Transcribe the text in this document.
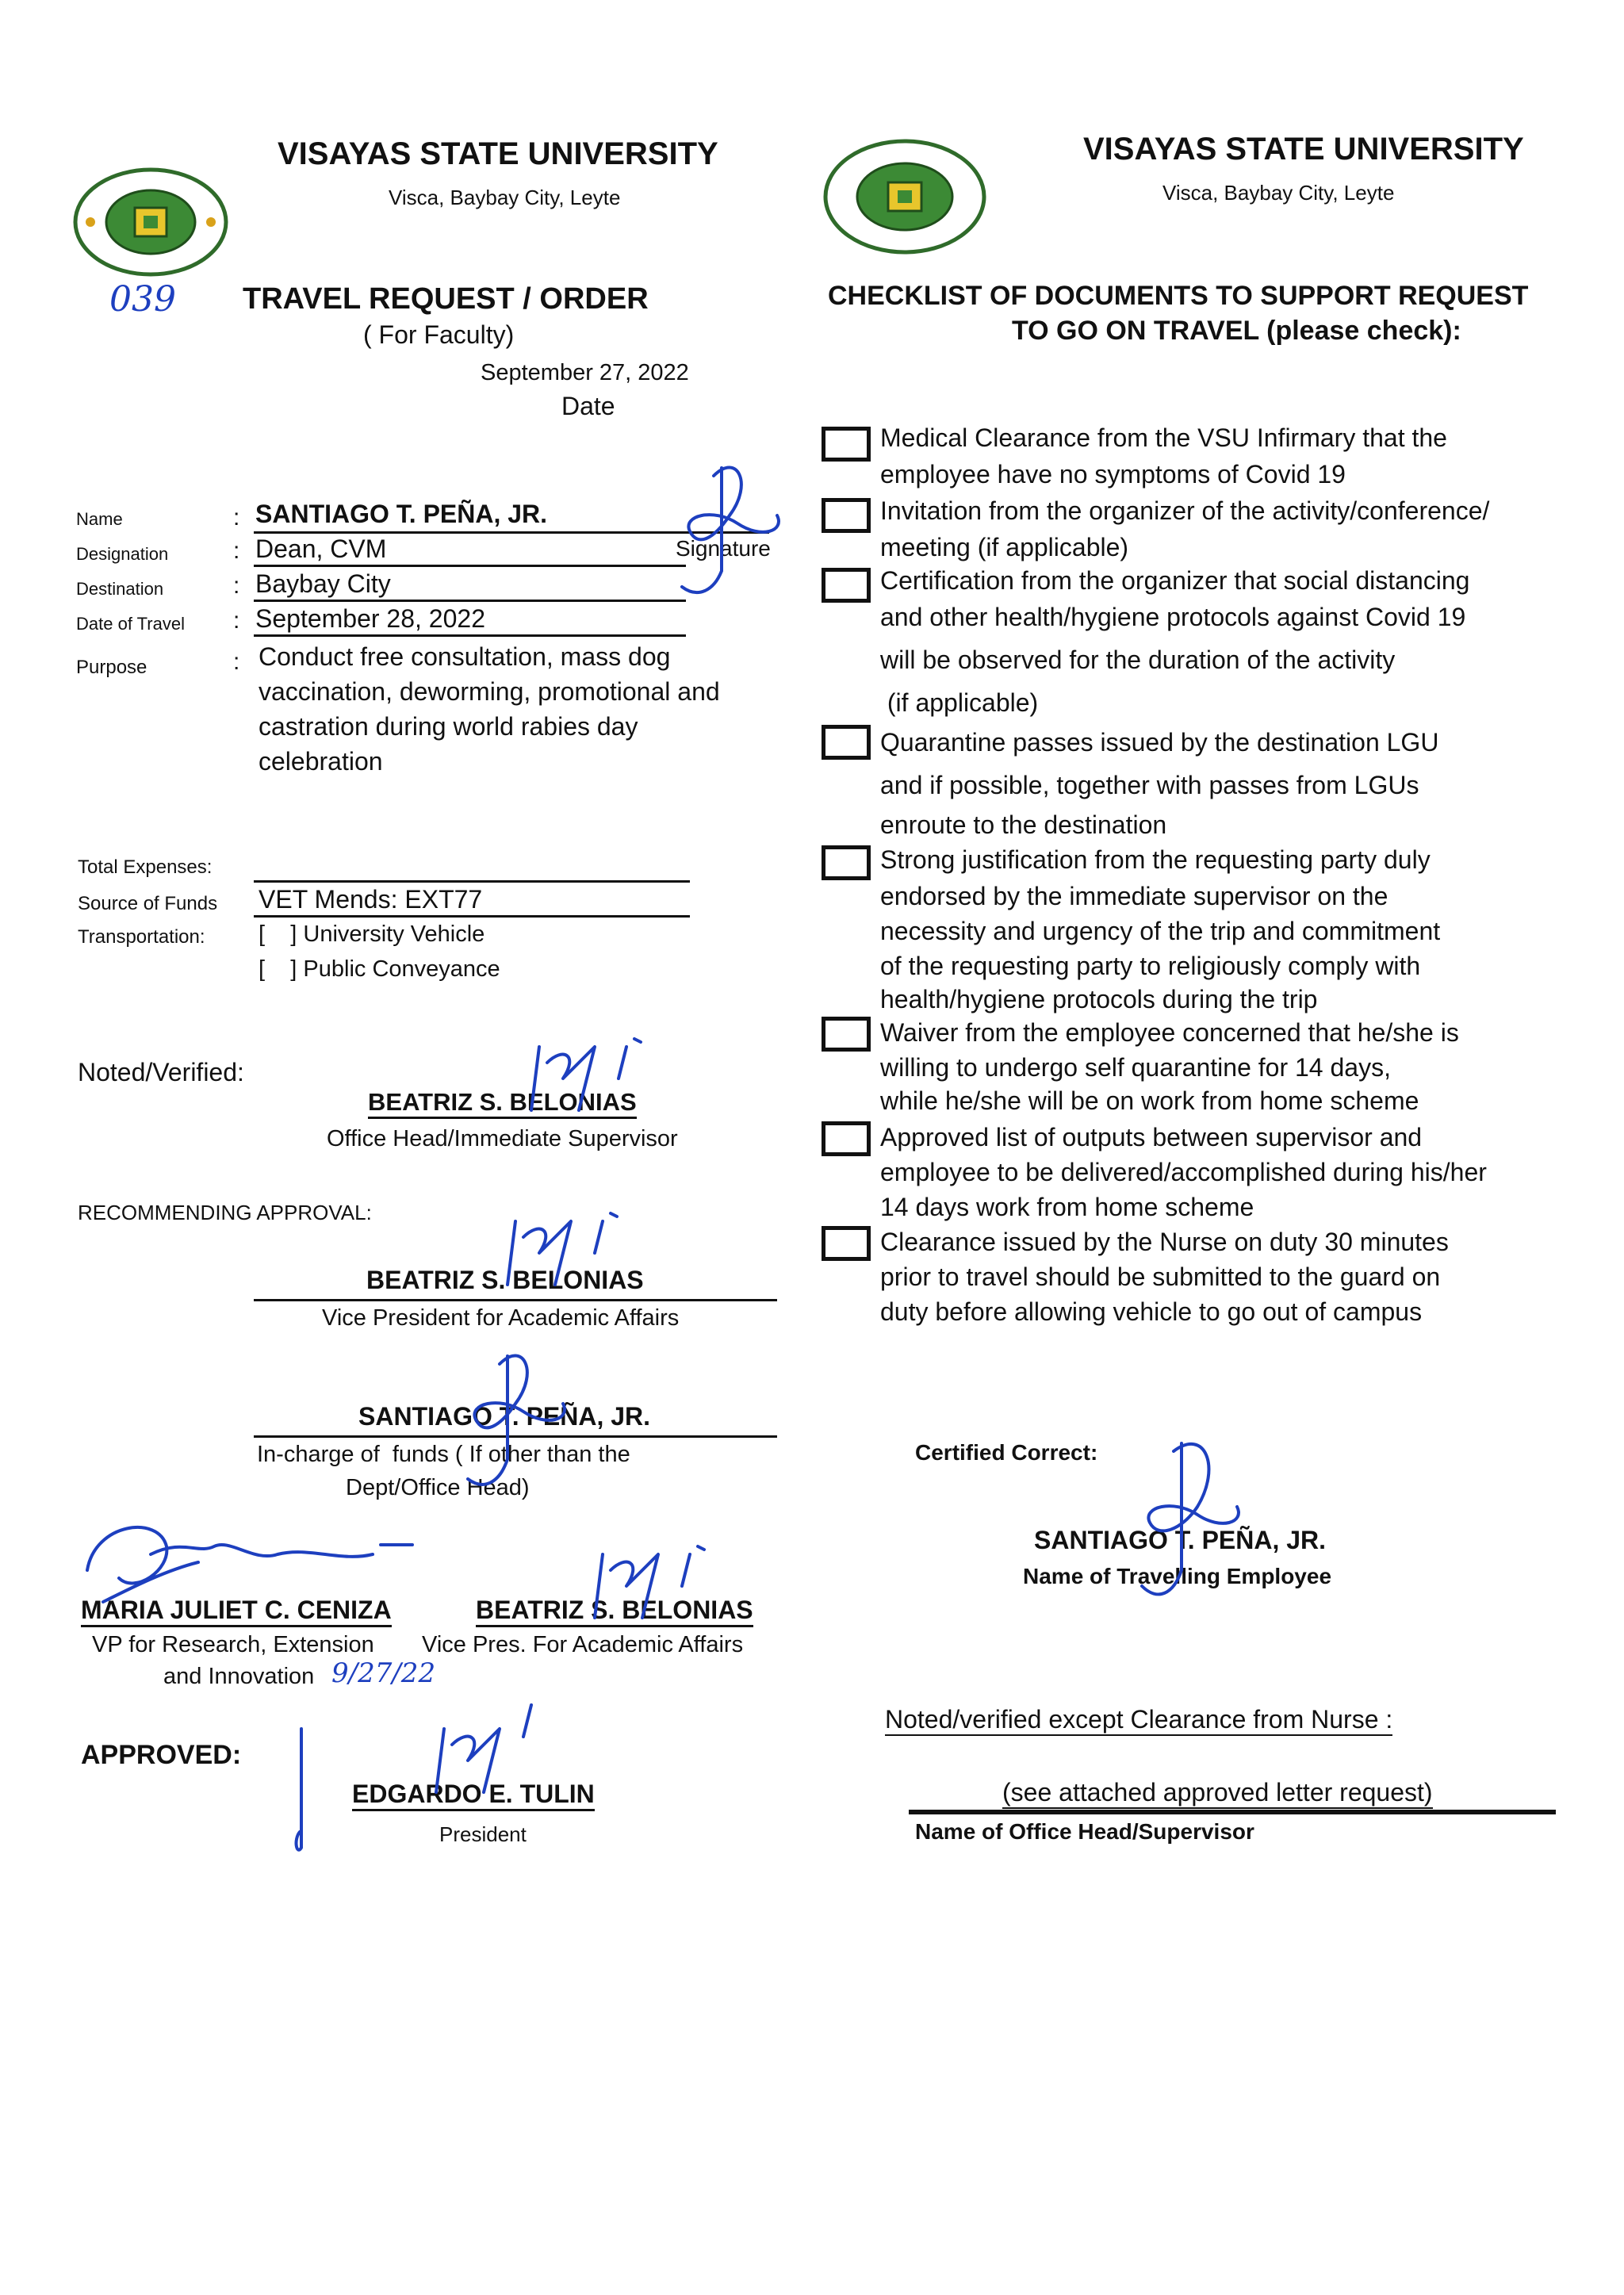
VISAYAS STATE UNIVERSITY
Visca, Baybay City, Leyte
039 TRAVEL REQUEST / ORDER
( For Faculty)
September 27, 2022
Date
Name	: SANTIAGO T. PEÑA, JR.
Designation	: Dean, CVM	Signature
Destination	: Baybay City
Date of Travel : September 28, 2022
Purpose	: Conduct free consultation, mass dog
vaccination, deworming, promotional and
castration during world rabies day
celebration
Total Expenses:
Source of Funds VET Mends: EXT77
Transportation: [    ] University Vehicle
[    ] Public Conveyance
Noted/Verified:
BEATRIZ S. BELONIAS
Office Head/Immediate Supervisor
RECOMMENDING APPROVAL:
BEATRIZ S. BELONIAS
Vice President for Academic Affairs
SANTIAGO T. PEÑA, JR.
In-charge of  funds ( If other than the
Dept/Office Head)
MARIA JULIET C. CENIZA
VP for Research, Extension
and Innovation 9/27/22
BEATRIZ S. BELONIAS
Vice Pres. For Academic Affairs
APPROVED:
EDGARDO E. TULIN
President
VISAYAS STATE UNIVERSITY
Visca, Baybay City, Leyte
CHECKLIST OF DOCUMENTS TO SUPPORT REQUEST
TO GO ON TRAVEL (please check):
Medical Clearance from the VSU Infirmary that the
employee have no symptoms of Covid 19
Invitation from the organizer of the activity/conference/
meeting (if applicable)
Certification from the organizer that social distancing
and other health/hygiene protocols against Covid 19
will be observed for the duration of the activity
(if applicable)
Quarantine passes issued by the destination LGU
and if possible, together with passes from LGUs
enroute to the destination
Strong justification from the requesting party duly
endorsed by the immediate supervisor on the
necessity and urgency of the trip and commitment
of the requesting party to religiously comply with
health/hygiene protocols during the trip
Waiver from the employee concerned that he/she is
willing to undergo self quarantine for 14 days,
while he/she will be on work from home scheme
Approved list of outputs between supervisor and
employee to be delivered/accomplished during his/her
14 days work from home scheme
Clearance issued by the Nurse on duty 30 minutes
prior to travel should be submitted to the guard on
duty before allowing vehicle to go out of campus
Certified Correct:
SANTIAGO T. PEÑA, JR.
Name of Travelling Employee
Noted/verified except Clearance from Nurse :
(see attached approved letter request)
Name of Office Head/Supervisor
